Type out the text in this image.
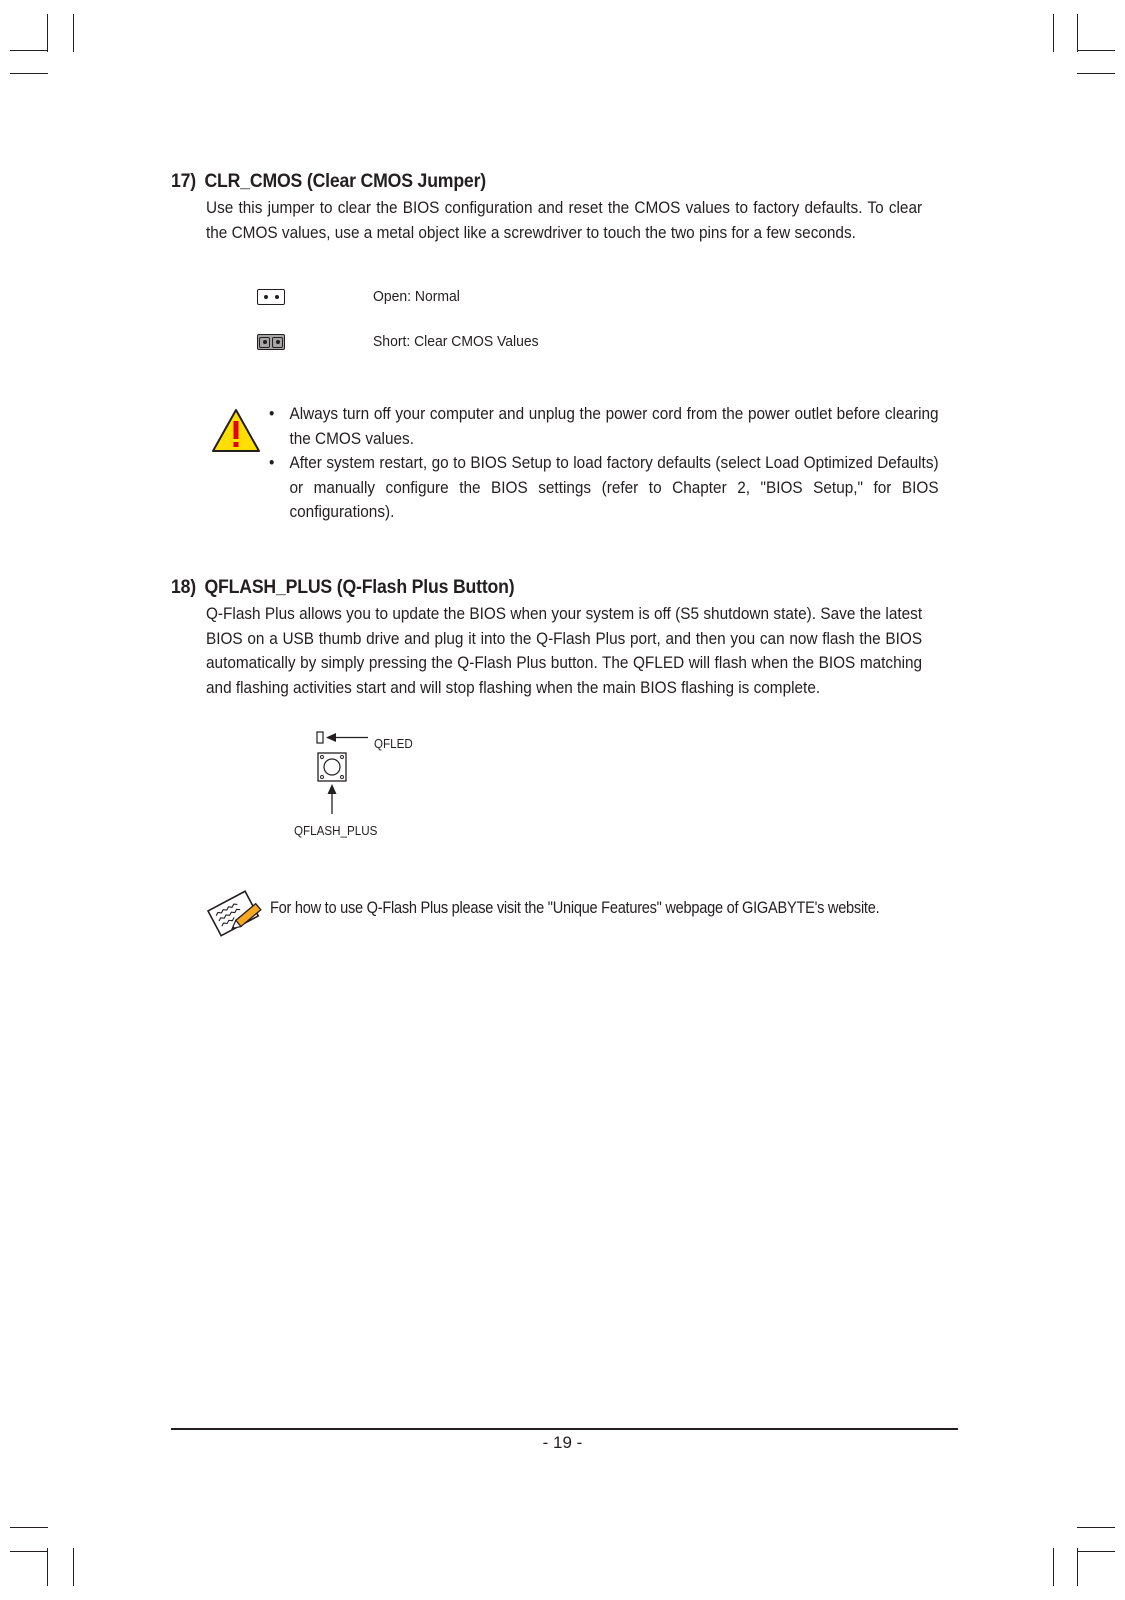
17) CLR_CMOS (Clear CMOS Jumper)
Use this jumper to clear the BIOS configuration and reset the CMOS values to factory defaults. To clear the CMOS values, use a metal object like a screwdriver to touch the two pins for a few seconds.
Open: Normal
Short: Clear CMOS Values
• Always turn off your computer and unplug the power cord from the power outlet before clearing the CMOS values.
• After system restart, go to BIOS Setup to load factory defaults (select Load Optimized Defaults) or manually configure the BIOS settings (refer to Chapter 2, "BIOS Setup," for BIOS configurations).
18) QFLASH_PLUS (Q-Flash Plus Button)
Q-Flash Plus allows you to update the BIOS when your system is off (S5 shutdown state). Save the latest BIOS on a USB thumb drive and plug it into the Q-Flash Plus port, and then you can now flash the BIOS automatically by simply pressing the Q-Flash Plus button. The QFLED will flash when the BIOS matching and flashing activities start and will stop flashing when the main BIOS flashing is complete.
QFLED
QFLASH_PLUS
For how to use Q-Flash Plus please visit the "Unique Features" webpage of GIGABYTE's website.
- 19 -
